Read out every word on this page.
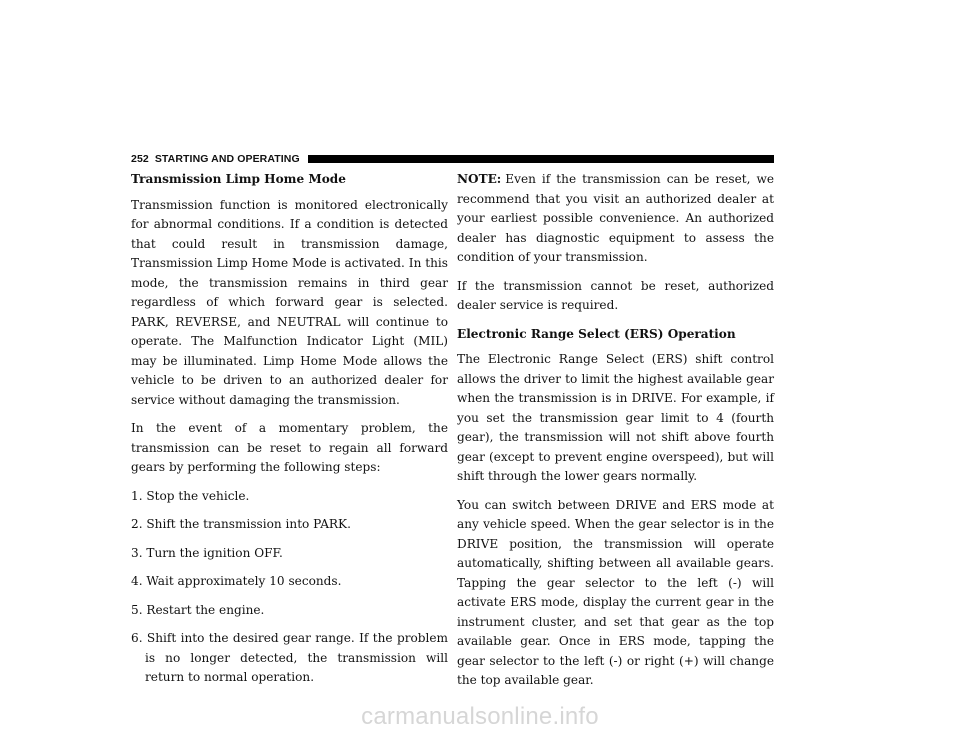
252 STARTING AND OPERATING
Transmission Limp Home Mode

Transmission function is monitored electronically for abnormal conditions. If a condition is detected that could result in transmission damage, Transmission Limp Home Mode is activated. In this mode, the transmission remains in third gear regardless of which forward gear is selected. PARK, REVERSE, and NEUTRAL will continue to operate. The Malfunction Indicator Light (MIL) may be illuminated. Limp Home Mode allows the vehicle to be driven to an authorized dealer for service without damaging the transmission.

In the event of a momentary problem, the transmission can be reset to regain all forward gears by performing the following steps:

1. Stop the vehicle.
2. Shift the transmission into PARK.
3. Turn the ignition OFF.
4. Wait approximately 10 seconds.
5. Restart the engine.
6. Shift into the desired gear range. If the problem is no longer detected, the transmission will return to normal operation.

NOTE: Even if the transmission can be reset, we recommend that you visit an authorized dealer at your earliest possible convenience. An authorized dealer has diagnostic equipment to assess the condition of your transmission.

If the transmission cannot be reset, authorized dealer service is required.

Electronic Range Select (ERS) Operation

The Electronic Range Select (ERS) shift control allows the driver to limit the highest available gear when the transmission is in DRIVE. For example, if you set the transmission gear limit to 4 (fourth gear), the transmission will not shift above fourth gear (except to prevent engine overspeed), but will shift through the lower gears normally.

You can switch between DRIVE and ERS mode at any vehicle speed. When the gear selector is in the DRIVE position, the transmission will operate automatically, shifting between all available gears. Tapping the gear selector to the left (-) will activate ERS mode, display the current gear in the instrument cluster, and set that gear as the top available gear. Once in ERS mode, tapping the gear selector to the left (-) or right (+) will change the top available gear.

carmanualsonline.info
